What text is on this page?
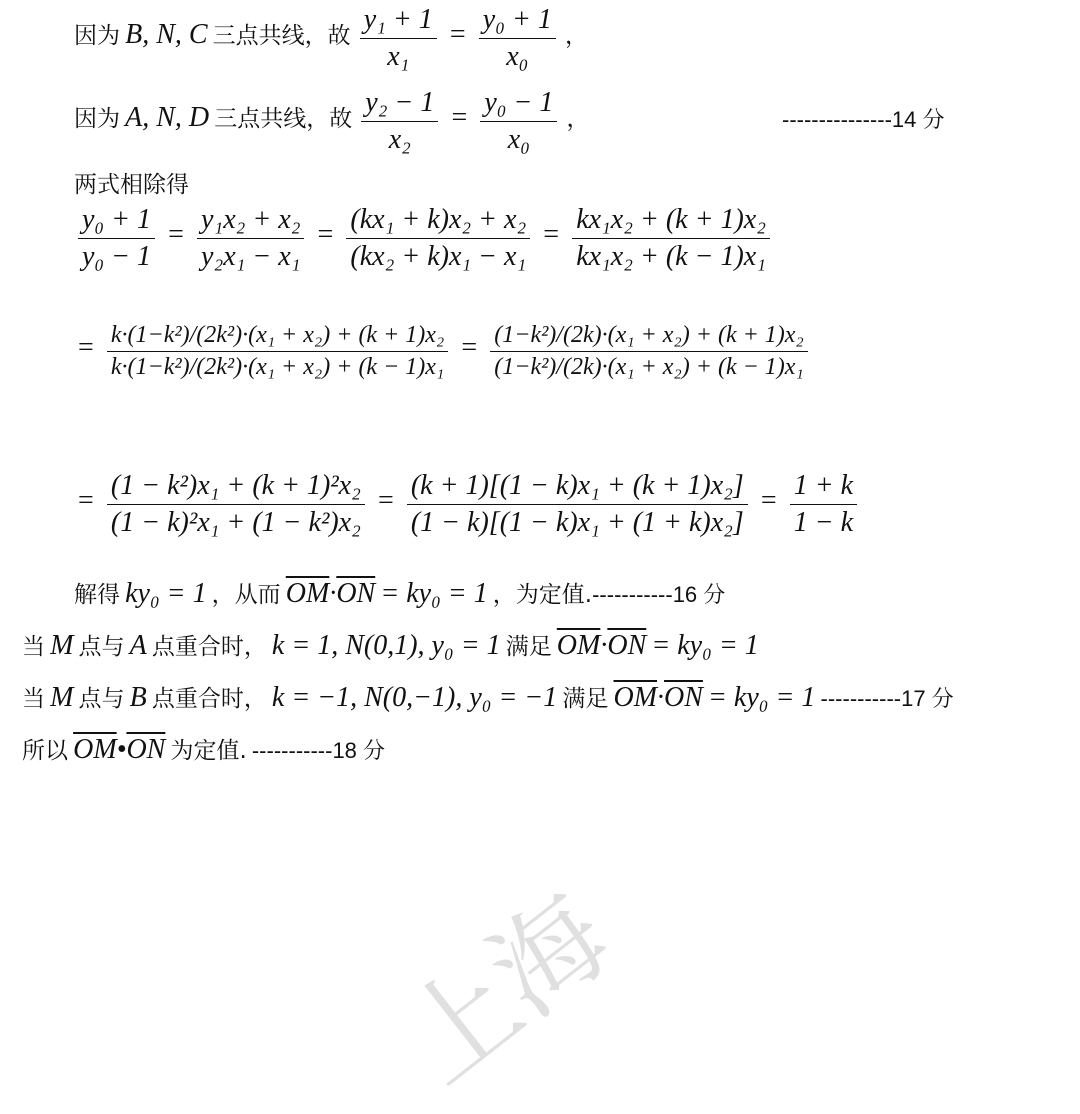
因为 B, N, C 三点共线，故 $\frac{\text{y₁ + 1}}{\text{x₁}} = \frac{\text{y₀ + 1}}{\text{x₀}}$ ，
因为 A, N, D 三点共线，故 $\frac{\text{y₂ − 1}}{\text{x₂}} = \frac{\text{y₀ − 1}}{\text{x₀}}$ ，	---------------14 分
两式相除得
$\frac{\text{y₀ + 1}}{\text{y₀ − 1}} = \frac{\text{y₁x₂ + x₂}}{\text{y₂x₁ − x₁}} = \frac{\text{(kx₁ + k)x₂ + x₂}}{\text{(kx₂ + k)x₁ − x₁}} = \frac{\text{kx₁x₂ + (k + 1)x₂}}{\text{kx₁x₂ + (k − 1)x₁}}$
= $\frac{\text{k·(1−k²)/(2k²)·(x₁ + x₂) + (k + 1)x₂}}{\text{k·(1−k²)/(2k²)·(x₁ + x₂) + (k − 1)x₁}} = \frac{\text{(1−k²)/(2k)·(x₁ + x₂) + (k + 1)x₂}}{\text{(1−k²)/(2k)·(x₁ + x₂) + (k − 1)x₁}}$
= $\frac{\text{(1 − k²)x₁ + (k + 1)²x₂}}{\text{(1 − k)²x₁ + (1 − k²)x₂}} = \frac{\text{(k + 1)[(1 − k)x₁ + (k + 1)x₂]}}{\text{(1 − k)[(1 − k)x₁ + (1 + k)x₂]}} = \frac{1 + k}{1 - k}$
解得 ky₀ = 1 ，从而 $\overline{OM}\cdot\overline{ON} = ky_0 = 1$ ，为定值.-----------16 分
当 M 点与 A 点重合时， k = 1, N(0,1), y₀ = 1 满足 $\overline{OM}\cdot\overline{ON} = ky_0 = 1$
当 M 点与 B 点重合时， k = −1, N(0,−1), y₀ = −1 满足 $\overline{OM}\cdot\overline{ON} = ky_0 = 1$ -----------17 分
所以 $\overline{OM}•\overline{ON}$ 为定值. -----------18 分
上海
